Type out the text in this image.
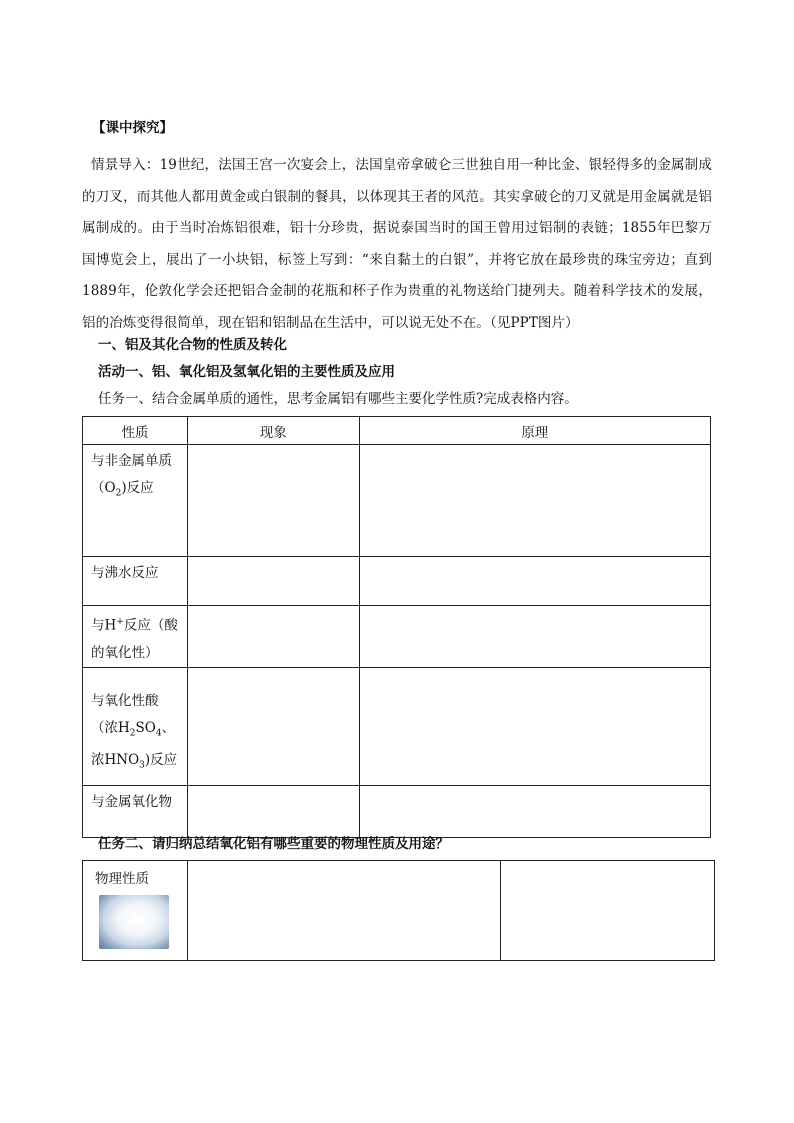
【课中探究】
情景导入：19世纪，法国王宫一次宴会上，法国皇帝拿破仑三世独自用一种比金、银轻得多的金属制成的刀叉，而其他人都用黄金或白银制的餐具，以体现其王者的风范。其实拿破仑的刀叉就是用金属就是铝属制成的。由于当时冶炼铝很难，铝十分珍贵，据说泰国当时的国王曾用过铝制的表链；1855年巴黎万国博览会上，展出了一小块铝，标签上写到：“来自黏土的白银”，并将它放在最珍贵的珠宝旁边；直到1889年，伦敦化学会还把铝合金制的花瓶和杯子作为贵重的礼物送给门捷列夫。随着科学技术的发展，铝的冶炼变得很简单，现在铝和铝制品在生活中，可以说无处不在。（见PPT图片）
一、铝及其化合物的性质及转化
活动一、铝、氧化铝及氢氧化铝的主要性质及应用
任务一、结合金属单质的通性，思考金属铝有哪些主要化学性质?完成表格内容。
性质	现象	原理
与非金属单质$(O_2)$反应		
与沸水反应		
与H+反应（酸的氧化性）		
与氧化性酸（浓$H_2SO_4$、浓$HNO_3$)反应		
与金属氧化物		
任务二、请归纳总结氧化铝有哪些重要的物理性质及用途？
物理性质
